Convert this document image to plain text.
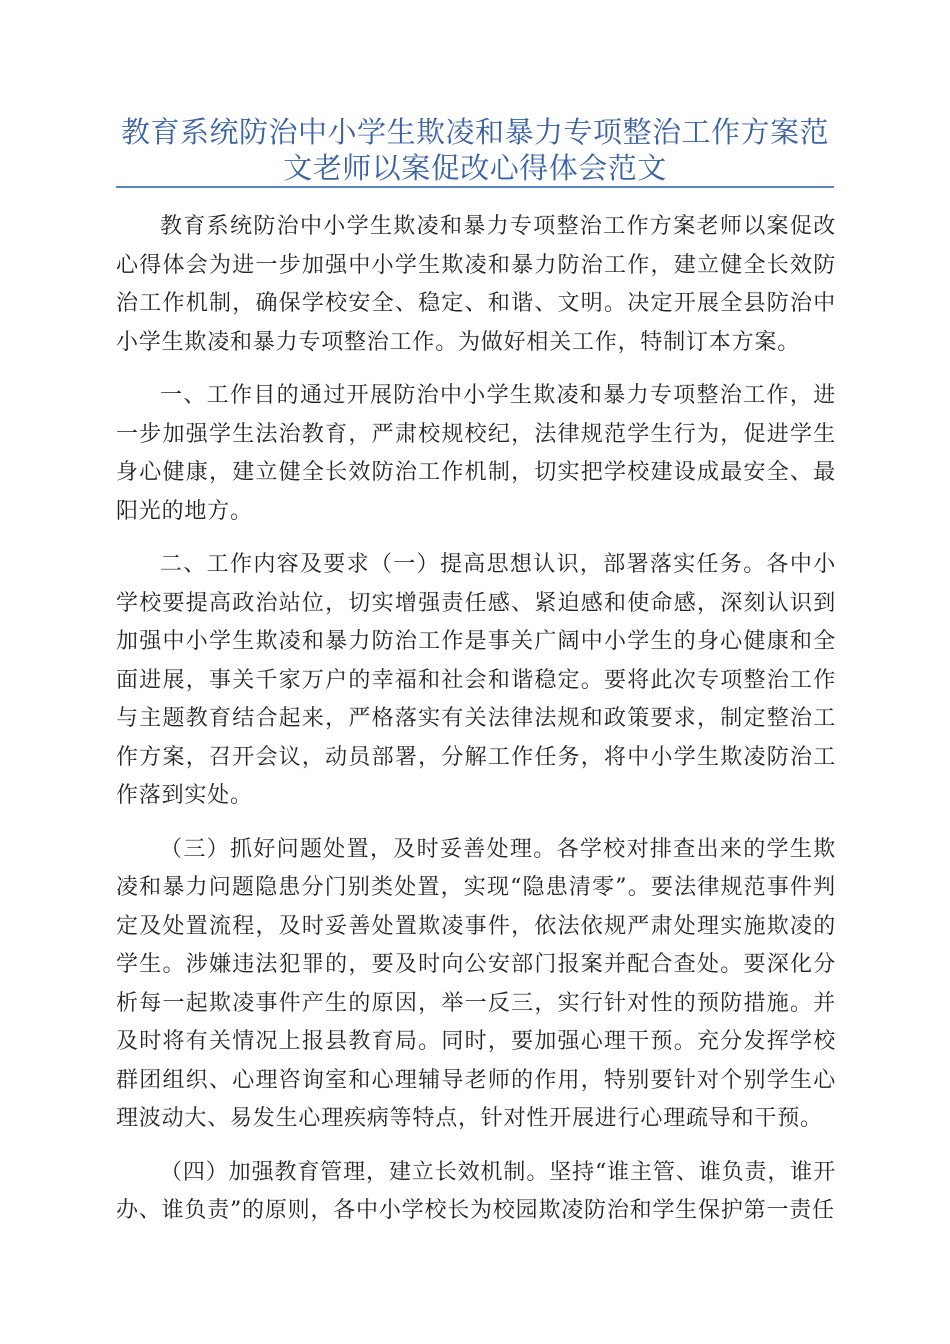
教育系统防治中小学生欺凌和暴力专项整治工作方案范文老师以案促改心得体会范文

教育系统防治中小学生欺凌和暴力专项整治工作方案老师以案促改心得体会为进一步加强中小学生欺凌和暴力防治工作，建立健全长效防治工作机制，确保学校安全、稳定、和谐、文明。决定开展全县防治中小学生欺凌和暴力专项整治工作。为做好相关工作，特制订本方案。

一、工作目的通过开展防治中小学生欺凌和暴力专项整治工作，进一步加强学生法治教育，严肃校规校纪，法律规范学生行为，促进学生身心健康，建立健全长效防治工作机制，切实把学校建设成最安全、最阳光的地方。

二、工作内容及要求（一）提高思想认识，部署落实任务。各中小学校要提高政治站位，切实增强责任感、紧迫感和使命感，深刻认识到加强中小学生欺凌和暴力防治工作是事关广阔中小学生的身心健康和全面进展，事关千家万户的幸福和社会和谐稳定。要将此次专项整治工作与主题教育结合起来，严格落实有关法律法规和政策要求，制定整治工作方案，召开会议，动员部署，分解工作任务，将中小学生欺凌防治工作落到实处。

（三）抓好问题处置，及时妥善处理。各学校对排查出来的学生欺凌和暴力问题隐患分门别类处置，实现“隐患清零”。要法律规范事件判定及处置流程，及时妥善处置欺凌事件，依法依规严肃处理实施欺凌的学生。涉嫌违法犯罪的，要及时向公安部门报案并配合查处。要深化分析每一起欺凌事件产生的原因，举一反三，实行针对性的预防措施。并及时将有关情况上报县教育局。同时，要加强心理干预。充分发挥学校群团组织、心理咨询室和心理辅导老师的作用，特别要针对个别学生心理波动大、易发生心理疾病等特点，针对性开展进行心理疏导和干预。

（四）加强教育管理，建立长效机制。坚持“谁主管、谁负责，谁开办、谁负责”的原则，各中小学校长为校园欺凌防治和学生保护第一责任
